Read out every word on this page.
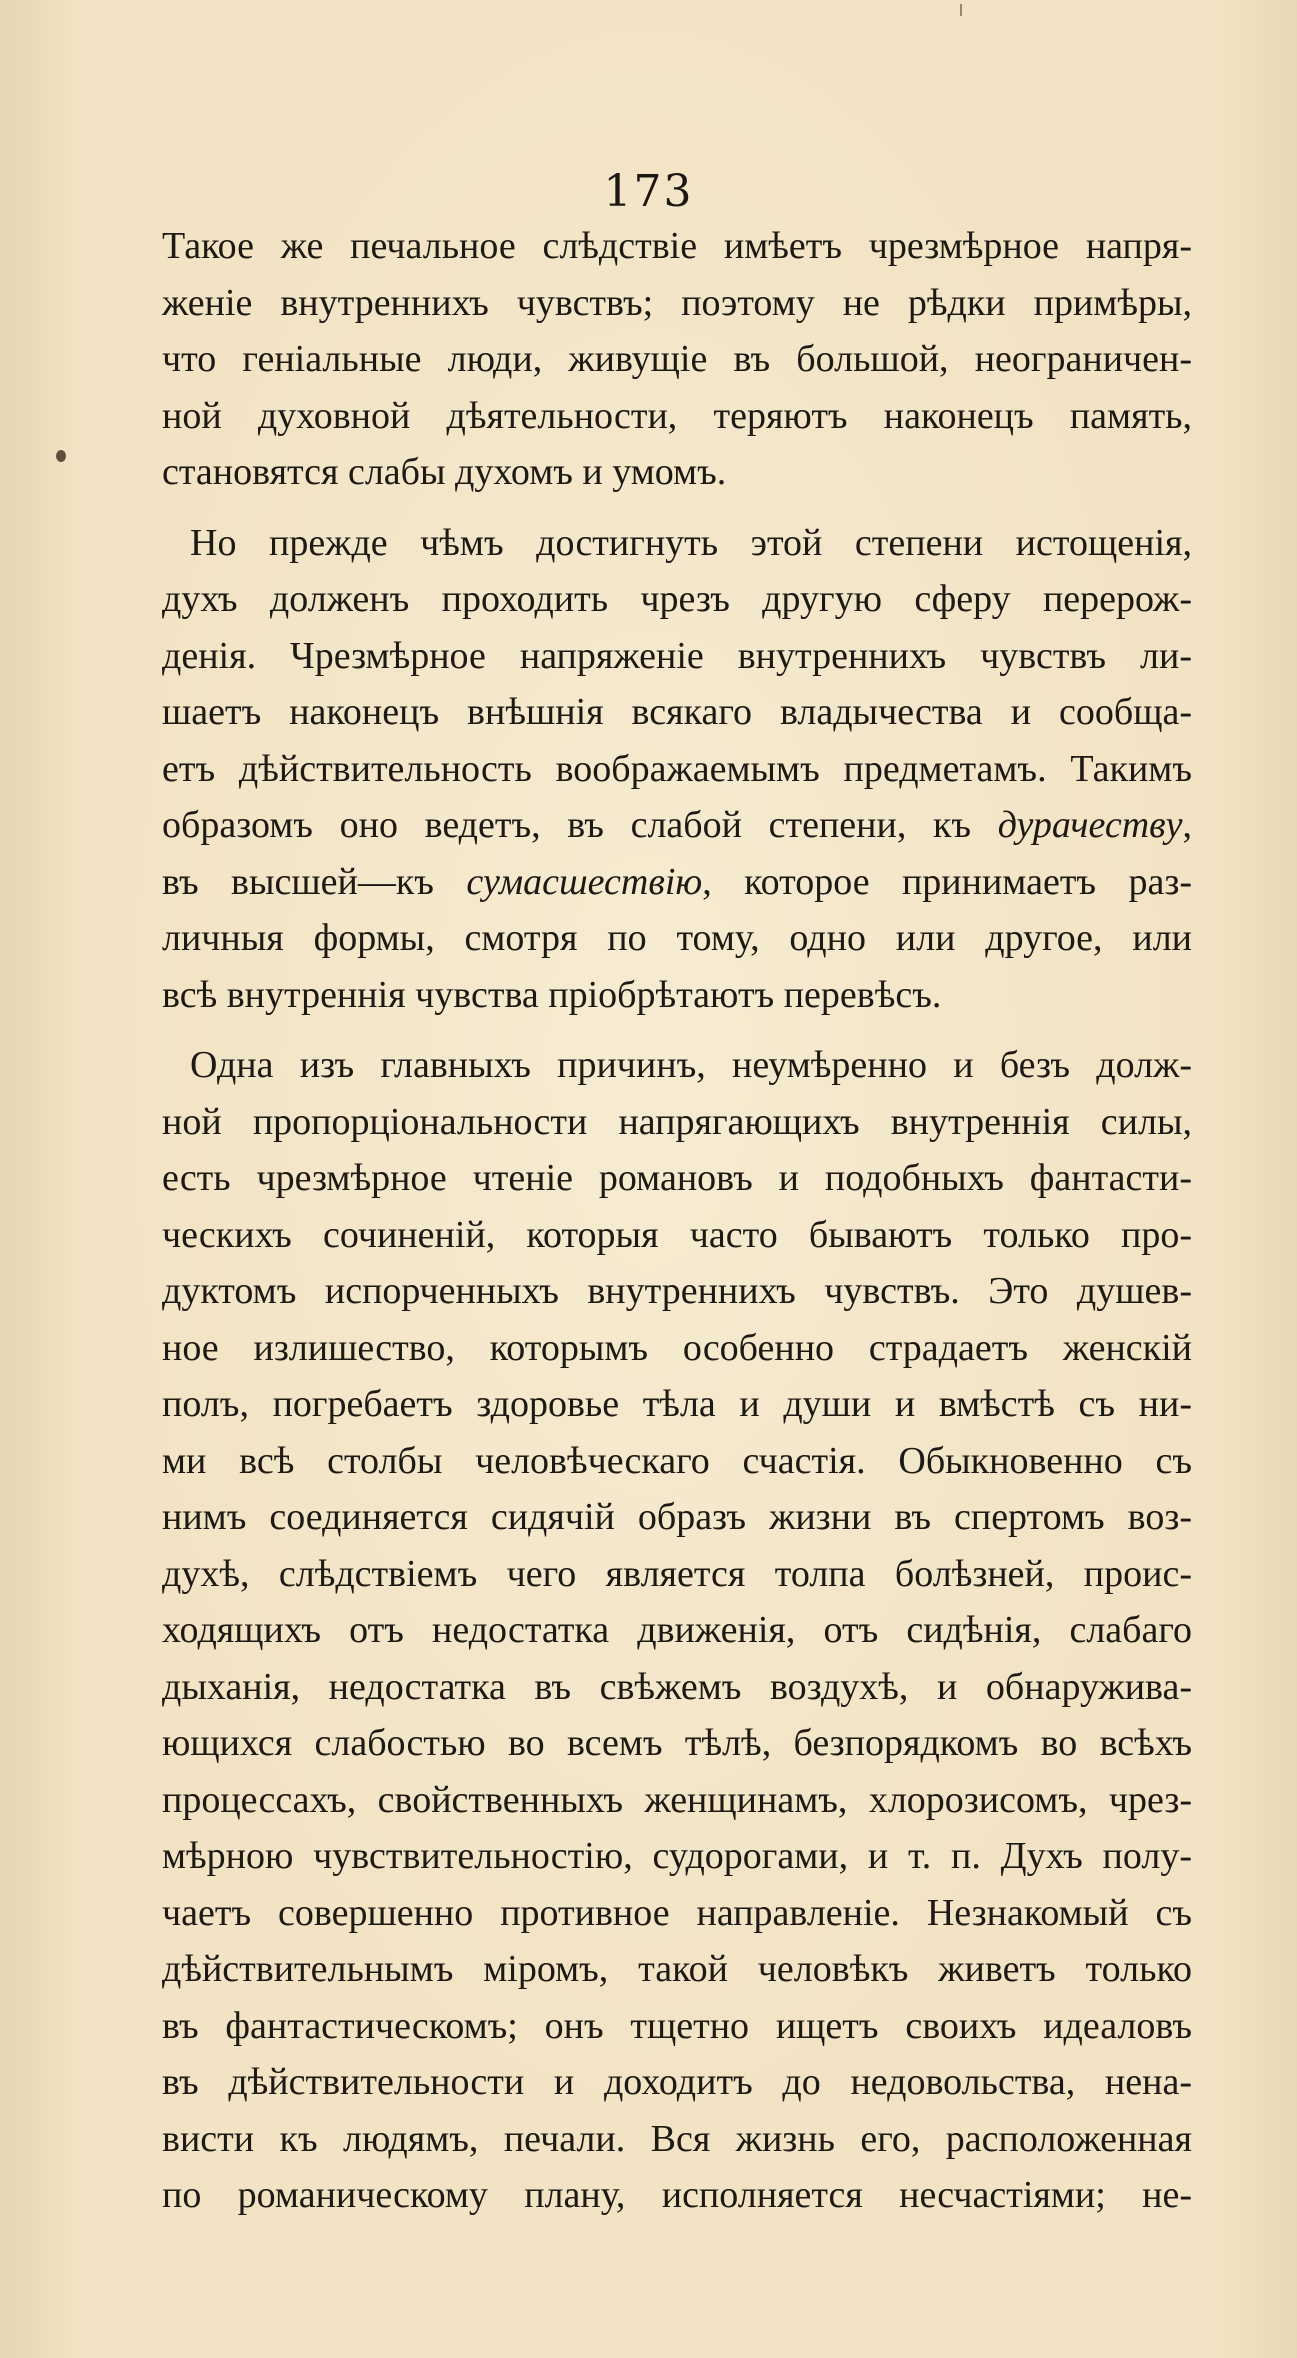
173
Такое же печальное слѣдствіе имѣетъ чрезмѣрное напря-
женіе внутреннихъ чувствъ; поэтому не рѣдки примѣры,
что геніальные люди, живущіе въ большой, неограничен-
ной духовной дѣятельности, теряютъ наконецъ память,
становятся слабы духомъ и умомъ.
Но прежде чѣмъ достигнуть этой степени истощенія,
духъ долженъ проходить чрезъ другую сферу перерож-
денія. Чрезмѣрное напряженіе внутреннихъ чувствъ ли-
шаетъ наконецъ внѣшнія всякаго владычества и сообща-
етъ дѣйствительность воображаемымъ предметамъ. Такимъ
образомъ оно ведетъ, въ слабой степени, къ дурачеству,
въ высшей—къ сумасшествію, которое принимаетъ раз-
личныя формы, смотря по тому, одно или другое, или
всѣ внутреннія чувства пріобрѣтаютъ перевѣсъ.
Одна изъ главныхъ причинъ, неумѣренно и безъ долж-
ной пропорціональности напрягающихъ внутреннія силы,
есть чрезмѣрное чтеніе романовъ и подобныхъ фантасти-
ческихъ сочиненій, которыя часто бываютъ только про-
дуктомъ испорченныхъ внутреннихъ чувствъ. Это душев-
ное излишество, которымъ особенно страдаетъ женскій
полъ, погребаетъ здоровье тѣла и души и вмѣстѣ съ ни-
ми всѣ столбы человѣческаго счастія. Обыкновенно съ
нимъ соединяется сидячій образъ жизни въ спертомъ воз-
духѣ, слѣдствіемъ чего является толпа болѣзней, проис-
ходящихъ отъ недостатка движенія, отъ сидѣнія, слабаго
дыханія, недостатка въ свѣжемъ воздухѣ, и обнаружива-
ющихся слабостью во всемъ тѣлѣ, безпорядкомъ во всѣхъ
процессахъ, свойственныхъ женщинамъ, хлорозисомъ, чрез-
мѣрною чувствительностію, судорогами, и т. п. Духъ полу-
чаетъ совершенно противное направленіе. Незнакомый съ
дѣйствительнымъ міромъ, такой человѣкъ живетъ только
въ фантастическомъ; онъ тщетно ищетъ своихъ идеаловъ
въ дѣйствительности и доходитъ до недовольства, нена-
висти къ людямъ, печали. Вся жизнь его, расположенная
по романическому плану, исполняется несчастіями; не-
